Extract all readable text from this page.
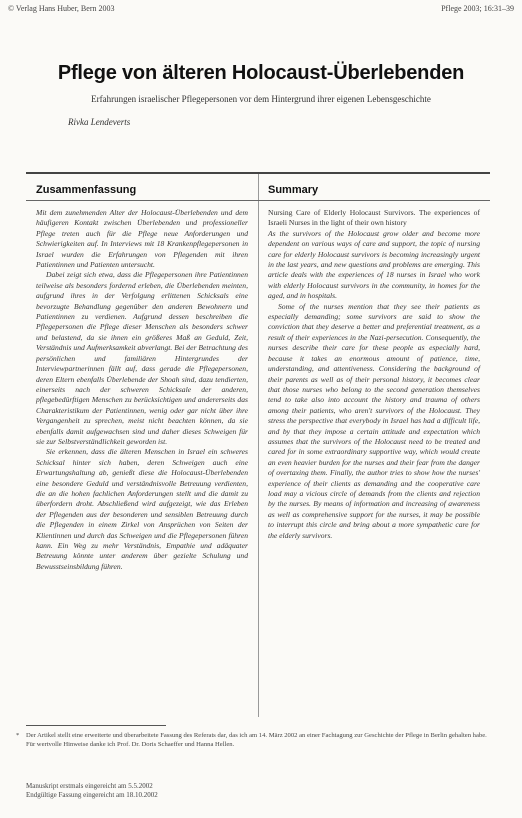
© Verlag Hans Huber, Bern 2003	Pflege 2003; 16:31–39
Pflege von älteren Holocaust-Überlebenden
Erfahrungen israelischer Pflegepersonen vor dem Hintergrund ihrer eigenen Lebensgeschichte
Rivka Lendeverts
Zusammenfassung

Mit dem zunehmenden Alter der Holocaust-Überlebenden und dem häufigeren Kontakt zwischen Überlebenden und professioneller Pflege treten auch für die Pflege neue Anforderungen und Schwierigkeiten auf. In Interviews mit 18 Krankenpflegepersonen in Israel wurden die Erfahrungen von Pflegenden mit ihren Patientinnen und Patienten untersucht.

Dabei zeigt sich etwa, dass die Pflegepersonen ihre Patientinnen teilweise als besonders fordernd erleben, die Überlebenden meinten, aufgrund ihres in der Verfolgung erlittenen Schicksals eine bevorzugte Behandlung gegenüber den anderen Bewohnern und Patientinnen zu verdienen. Aufgrund dessen beschreiben die Pflegepersonen die Pflege dieser Menschen als besonders schwer und belastend, da sie ihnen ein größeres Maß an Geduld, Zeit, Verständnis und Aufmerksamkeit abverlangt. Bei der Betrachtung des persönlichen und familiären Hintergrundes der Interviewpartnerinnen fällt auf, dass gerade die Pflegepersonen, deren Eltern ebenfalls Überlebende der Shoah sind, dazu tendierten, einerseits nach der schweren Schicksale der anderen, pflegebedürftigen Menschen zu berücksichtigen und andererseits das Charakteristikum der Patientinnen, wenig oder gar nicht über ihre Vergangenheit zu sprechen, meist nicht beachten können, da sie ebenfalls damit aufgewachsen sind und daher dieses Schweigen für sie zur Selbstverständlichkeit geworden ist.

Sie erkennen, dass die älteren Menschen in Israel ein schweres Schicksal hinter sich haben, deren Schweigen auch eine Erwartungshaltung ab, genießt diese die Holocaust-Überlebenden eine besondere Geduld und verständnisvolle Betreuung verdienten, die an die hohen fachlichen Anforderungen stellt und die damit zu überfordern droht. Abschließend wird aufgezeigt, wie das Erleben der Pflegenden aus der besonderen und sensiblen Betreuung durch die Pflegenden in einem Zirkel von Ansprüchen von Seiten der Klientinnen und durch das Schweigen und die Pflegepersonen führen kann. Ein Weg zu mehr Verständnis, Empathie und adäquater Betreuung könnte unter anderem über gezielte Schulung und Bewusstseinsbildung führen.

Summary

Nursing Care of Elderly Holocaust Survivors. The experiences of Israeli Nurses in the light of their own history

As the survivors of the Holocaust grow older and become more dependent on various ways of care and support, the topic of nursing care for elderly Holocaust survivors is becoming increasingly urgent in the last years, and new questions and problems are emerging. This article deals with the experiences of 18 nurses in Israel who work with elderly Holocaust survivors in the community, in homes for the aged, and in hospitals.

Some of the nurses mention that they see their patients as especially demanding; some survivors are said to show the conviction that they deserve a better and preferential treatment, as a result of their experiences in the Nazi-persecution. Consequently, the nurses describe their care for these people as especially hard, because it takes an enormous amount of patience, time, understanding, and attentiveness. Considering the background of their parents as well as of their personal history, it becomes clear that those nurses who belong to the second generation themselves tend to take also into account the history and trauma of others among their patients, who aren't survivors of the Holocaust. They stress the perspective that everybody in Israel has had a difficult life, and by that they impose a certain attitude and expectation which assumes that the survivors of the Holocaust need to be treated and cared for in some extraordinary supportive way, which would create an even heavier burden for the nurses and their fear from the danger of overtaxing them. Finally, the author tries to show how the nurses' experience of their clients as demanding and the cooperative care load may a vicious circle of demands from the clients and rejection by the nurses. By means of information and increasing of awareness as well as comprehensive support for the nurses, it may be possible to interrupt this circle and bring about a more sympathetic care for the elderly survivors.

* Der Artikel stellt eine erweiterte und überarbeitete Fassung des Referats dar, das ich am 14. März 2002 an einer Fachtagung zur Geschichte der Pflege in Berlin gehalten habe. Für wertvolle Hinweise danke ich Prof. Dr. Doris Schaeffer und Hanna Hellen.
Manuskript erstmals eingereicht am 5.5.2002
Endgültige Fassung eingereicht am 18.10.2002
